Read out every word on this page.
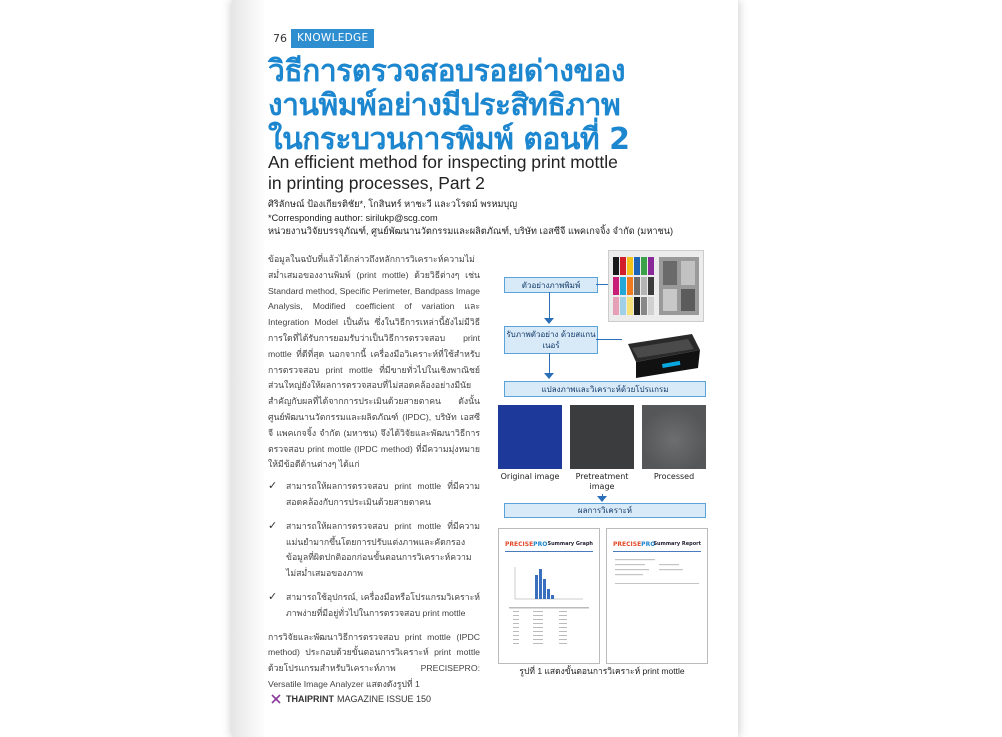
76 KNOWLEDGE
วิธีการตรวจสอบรอยด่างของ
งานพิมพ์อย่างมีประสิทธิภาพ
ในกระบวนการพิมพ์ ตอนที่ 2
An efficient method for inspecting print mottle
in printing processes, Part 2
ศิริลักษณ์ ป้องเกียรติชัย*, โกสินทร์ หาชะวี และวโรดม์ พรหมบุญ
*Corresponding author: sirilukp@scg.com
หน่วยงานวิจัยบรรจุภัณฑ์, ศูนย์พัฒนานวัตกรรมและผลิตภัณฑ์, บริษัท เอสซีจี แพคเกจจิ้ง จำกัด (มหาชน)

ข้อมูลในฉบับที่แล้วได้กล่าวถึงหลักการวิเคราะห์ความไม่สม่ำเสมอของงานพิมพ์ (print mottle) ด้วยวิธีต่างๆ เช่น Standard method, Specific Perimeter, Bandpass Image Analysis, Modified coefficient of variation และ Integration Model เป็นต้น ซึ่งในวิธีการเหล่านี้ยังไม่มีวิธีการใดที่ได้รับการยอมรับว่าเป็นวิธีการตรวจสอบ print mottle ที่ดีที่สุด นอกจากนี้ เครื่องมือวิเคราะห์ที่ใช้สำหรับการตรวจสอบ print mottle ที่มีขายทั่วไปในเชิงพาณิชย์ส่วนใหญ่ยังให้ผลการตรวจสอบที่ไม่สอดคล้องอย่างมีนัยสำคัญกับผลที่ได้จากการประเมินด้วยสายตาคน ดังนั้นศูนย์พัฒนานวัตกรรมและผลิตภัณฑ์ (IPDC), บริษัท เอสซีจี แพคเกจจิ้ง จำกัด (มหาชน) จึงได้วิจัยและพัฒนาวิธีการตรวจสอบ print mottle (IPDC method) ที่มีความมุ่งหมายให้มีข้อดีด้านต่างๆ ได้แก่

✓ สามารถให้ผลการตรวจสอบ print mottle ที่มีความสอดคล้องกับการประเมินด้วยสายตาคน
✓ สามารถให้ผลการตรวจสอบ print mottle ที่มีความแม่นยำมากขึ้นโดยการปรับแต่งภาพและคัดกรองข้อมูลที่ผิดปกติออกก่อนขั้นตอนการวิเคราะห์ความไม่สม่ำเสมอของภาพ
✓ สามารถใช้อุปกรณ์, เครื่องมือหรือโปรแกรมวิเคราะห์ภาพง่ายที่มีอยู่ทั่วไปในการตรวจสอบ print mottle

การวิจัยและพัฒนาวิธีการตรวจสอบ print mottle (IPDC method) ประกอบด้วยขั้นตอนการวิเคราะห์ print mottle ด้วยโปรแกรมสำหรับวิเคราะห์ภาพ PRECISEPRO: Versatile Image Analyzer แสดงดังรูปที่ 1

ตัวอย่างภาพพิมพ์
รับภาพตัวอย่าง ด้วยสแกนเนอร์
แปลงภาพและวิเคราะห์ด้วยโปรแกรม
Original image	Pretreatment image
Processed
ผลการวิเคราะห์
PRECISEPRO Summary Graph	PRECISEPRO
Summary Report
รูปที่ 1 แสดงขั้นตอนการวิเคราะห์ print mottle
THAIPRINT MAGAZINE ISSUE 150
